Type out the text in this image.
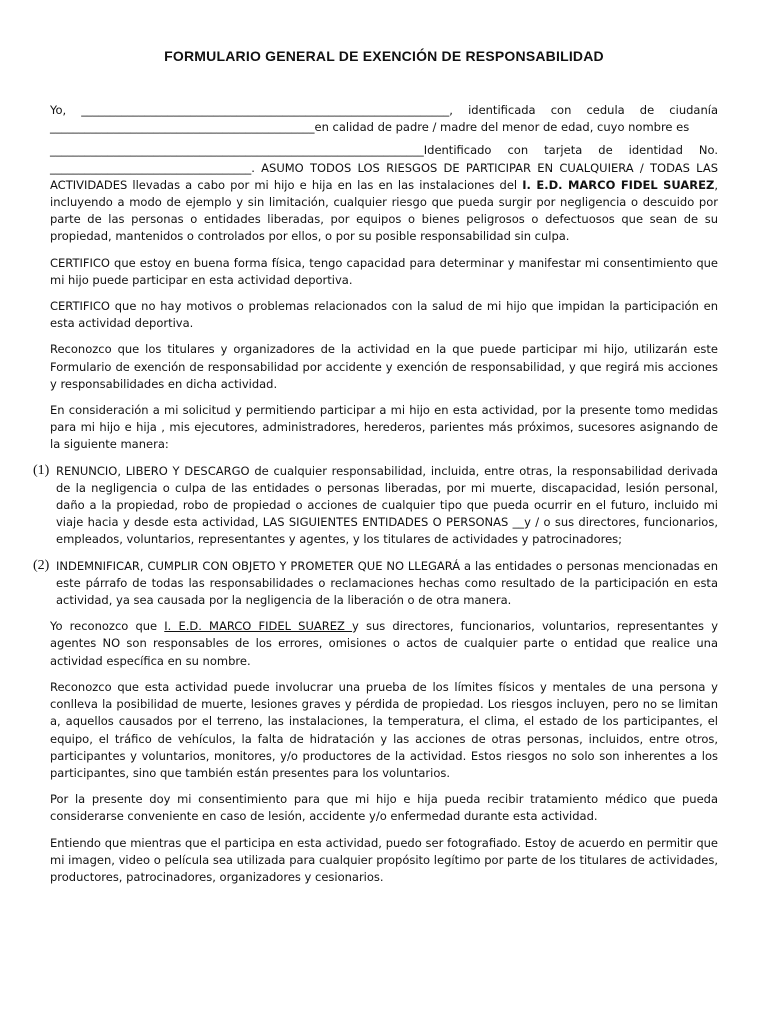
FORMULARIO GENERAL DE EXENCIÓN DE RESPONSABILIDAD

Yo, ________________________________________________________________, identificada con cedula de ciudanía ______________________________________________en calidad de padre / madre del menor de edad, cuyo nombre es

_________________________________________________________________Identificado con tarjeta de identidad No. ___________________________________. ASUMO TODOS LOS RIESGOS DE PARTICIPAR EN CUALQUIERA / TODAS LAS ACTIVIDADES llevadas a cabo por mi hijo e hija en las en las instalaciones del I. E.D. MARCO FIDEL SUAREZ, incluyendo a modo de ejemplo y sin limitación, cualquier riesgo que pueda surgir por negligencia o descuido por parte de las personas o entidades liberadas, por equipos o bienes peligrosos o defectuosos que sean de su propiedad, mantenidos o controlados por ellos, o por su posible responsabilidad sin culpa.

CERTIFICO que estoy en buena forma física, tengo capacidad para determinar y manifestar mi consentimiento que mi hijo puede participar en esta actividad deportiva.

CERTIFICO que no hay motivos o problemas relacionados con la salud de mi hijo que impidan la participación en esta actividad deportiva.

Reconozco que los titulares y organizadores de la actividad en la que puede participar mi hijo, utilizarán este Formulario de exención de responsabilidad por accidente y exención de responsabilidad, y que regirá mis acciones y responsabilidades en dicha actividad.

En consideración a mi solicitud y permitiendo participar a mi hijo en esta actividad, por la presente tomo medidas para mi hijo e hija , mis ejecutores, administradores, herederos, parientes más próximos, sucesores asignando de la siguiente manera:

(1) RENUNCIO, LIBERO Y DESCARGO de cualquier responsabilidad, incluida, entre otras, la responsabilidad derivada de la negligencia o culpa de las entidades o personas liberadas, por mi muerte, discapacidad, lesión personal, daño a la propiedad, robo de propiedad o acciones de cualquier tipo que pueda ocurrir en el futuro, incluido mi viaje hacia y desde esta actividad, LAS SIGUIENTES ENTIDADES O PERSONAS __y / o sus directores, funcionarios, empleados, voluntarios, representantes y agentes, y los titulares de actividades y patrocinadores;
(2) INDEMNIFICAR, CUMPLIR CON OBJETO Y PROMETER QUE NO LLEGARÁ a las entidades o personas mencionadas en este párrafo de todas las responsabilidades o reclamaciones hechas como resultado de la participación en esta actividad, ya sea causada por la negligencia de la liberación o de otra manera.

Yo reconozco que I. E.D. MARCO FIDEL SUAREZ y sus directores, funcionarios, voluntarios, representantes y agentes NO son responsables de los errores, omisiones o actos de cualquier parte o entidad que realice una actividad específica en su nombre.

Reconozco que esta actividad puede involucrar una prueba de los límites físicos y mentales de una persona y conlleva la posibilidad de muerte, lesiones graves y pérdida de propiedad. Los riesgos incluyen, pero no se limitan a, aquellos causados por el terreno, las instalaciones, la temperatura, el clima, el estado de los participantes, el equipo, el tráfico de vehículos, la falta de hidratación y las acciones de otras personas, incluidos, entre otros, participantes y voluntarios, monitores, y/o productores de la actividad. Estos riesgos no solo son inherentes a los participantes, sino que también están presentes para los voluntarios.

Por la presente doy mi consentimiento para que mi hijo e hija pueda recibir tratamiento médico que pueda considerarse conveniente en caso de lesión, accidente y/o enfermedad durante esta actividad.

Entiendo que mientras que el participa en esta actividad, puedo ser fotografiado. Estoy de acuerdo en permitir que mi imagen, video o película sea utilizada para cualquier propósito legítimo por parte de los titulares de actividades, productores, patrocinadores, organizadores y cesionarios.
